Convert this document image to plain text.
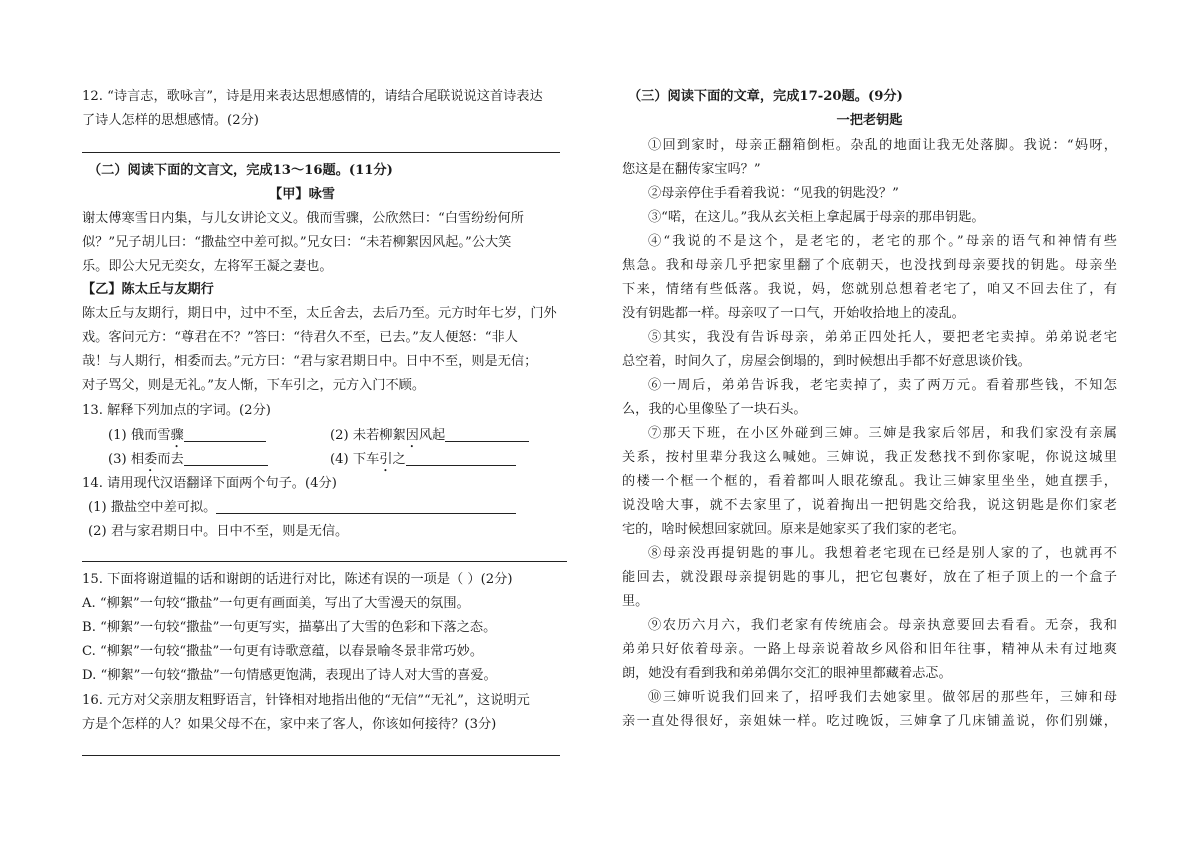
12. “诗言志，歌咏言”，诗是用来表达思想感情的，请结合尾联说说这首诗表达
了诗人怎样的思想感情。(2分)
（二）阅读下面的文言文，完成13～16题。(11分)
【甲】咏雪
谢太傅寒雪日内集，与儿女讲论文义。俄而雪骤，公欣然曰：“白雪纷纷何所
似？”兄子胡儿曰：“撒盐空中差可拟。”兄女曰：“未若柳絮因风起。”公大笑
乐。即公大兄无奕女，左将军王凝之妻也。
【乙】陈太丘与友期行
陈太丘与友期行，期日中，过中不至，太丘舍去，去后乃至。元方时年七岁，门外
戏。客问元方：“尊君在不？”答曰：“待君久不至，已去。”友人便怒：“非人
哉！与人期行，相委而去。”元方曰：“君与家君期日中。日中不至，则是无信；
对子骂父，则是无礼。”友人惭，下车引之，元方入门不顾。
13. 解释下列加点的字词。(2分)
(1) 俄而雪骤	(2) 未若柳絮因风起
(3) 相委而去	(4) 下车引之
14. 请用现代汉语翻译下面两个句子。(4分)
(1) 撒盐空中差可拟。
(2) 君与家君期日中。日中不至，则是无信。
15. 下面将谢道韫的话和谢朗的话进行对比，陈述有误的一项是（ ）(2分)
A. “柳絮”一句较“撒盐”一句更有画面美，写出了大雪漫天的氛围。
B. “柳絮”一句较“撒盐”一句更写实，描摹出了大雪的色彩和下落之态。
C. “柳絮”一句较“撒盐”一句更有诗歌意蕴，以春景喻冬景非常巧妙。
D. “柳絮”一句较“撒盐”一句情感更饱满，表现出了诗人对大雪的喜爱。
16. 元方对父亲朋友粗野语言，针锋相对地指出他的“无信”“无礼”，这说明元
方是个怎样的人？如果父母不在，家中来了客人，你该如何接待？(3分)
（三）阅读下面的文章，完成17-20题。(9分)
一把老钥匙
①回到家时，母亲正翻箱倒柜。杂乱的地面让我无处落脚。我说：“妈呀，
您这是在翻传家宝吗？”
②母亲停住手看着我说：“见我的钥匙没？”
③“喏，在这儿。”我从玄关柜上拿起属于母亲的那串钥匙。
④“我说的不是这个，是老宅的，老宅的那个。”母亲的语气和神情有些
焦急。我和母亲几乎把家里翻了个底朝天，也没找到母亲要找的钥匙。母亲坐
下来，情绪有些低落。我说，妈，您就别总想着老宅了，咱又不回去住了，有
没有钥匙都一样。母亲叹了一口气，开始收拾地上的凌乱。
⑤其实，我没有告诉母亲，弟弟正四处托人，要把老宅卖掉。弟弟说老宅
总空着，时间久了，房屋会倒塌的，到时候想出手都不好意思谈价钱。
⑥一周后，弟弟告诉我，老宅卖掉了，卖了两万元。看着那些钱，不知怎
么，我的心里像坠了一块石头。
⑦那天下班，在小区外碰到三婶。三婶是我家后邻居，和我们家没有亲属
关系，按村里辈分我这么喊她。三婶说，我正发愁找不到你家呢，你说这城里
的楼一个框一个框的，看着都叫人眼花缭乱。我让三婶家里坐坐，她直摆手，
说没啥大事，就不去家里了，说着掏出一把钥匙交给我，说这钥匙是你们家老
宅的，啥时候想回家就回。原来是她家买了我们家的老宅。
⑧母亲没再提钥匙的事儿。我想着老宅现在已经是别人家的了，也就再不
能回去，就没跟母亲提钥匙的事儿，把它包裹好，放在了柜子顶上的一个盒子
里。
⑨农历六月六，我们老家有传统庙会。母亲执意要回去看看。无奈，我和
弟弟只好依着母亲。一路上母亲说着故乡风俗和旧年往事，精神从未有过地爽
朗，她没有看到我和弟弟偶尔交汇的眼神里都藏着忐忑。
⑩三婶听说我们回来了，招呼我们去她家里。做邻居的那些年，三婶和母
亲一直处得很好，亲姐妹一样。吃过晚饭，三婶拿了几床铺盖说，你们别嫌，
